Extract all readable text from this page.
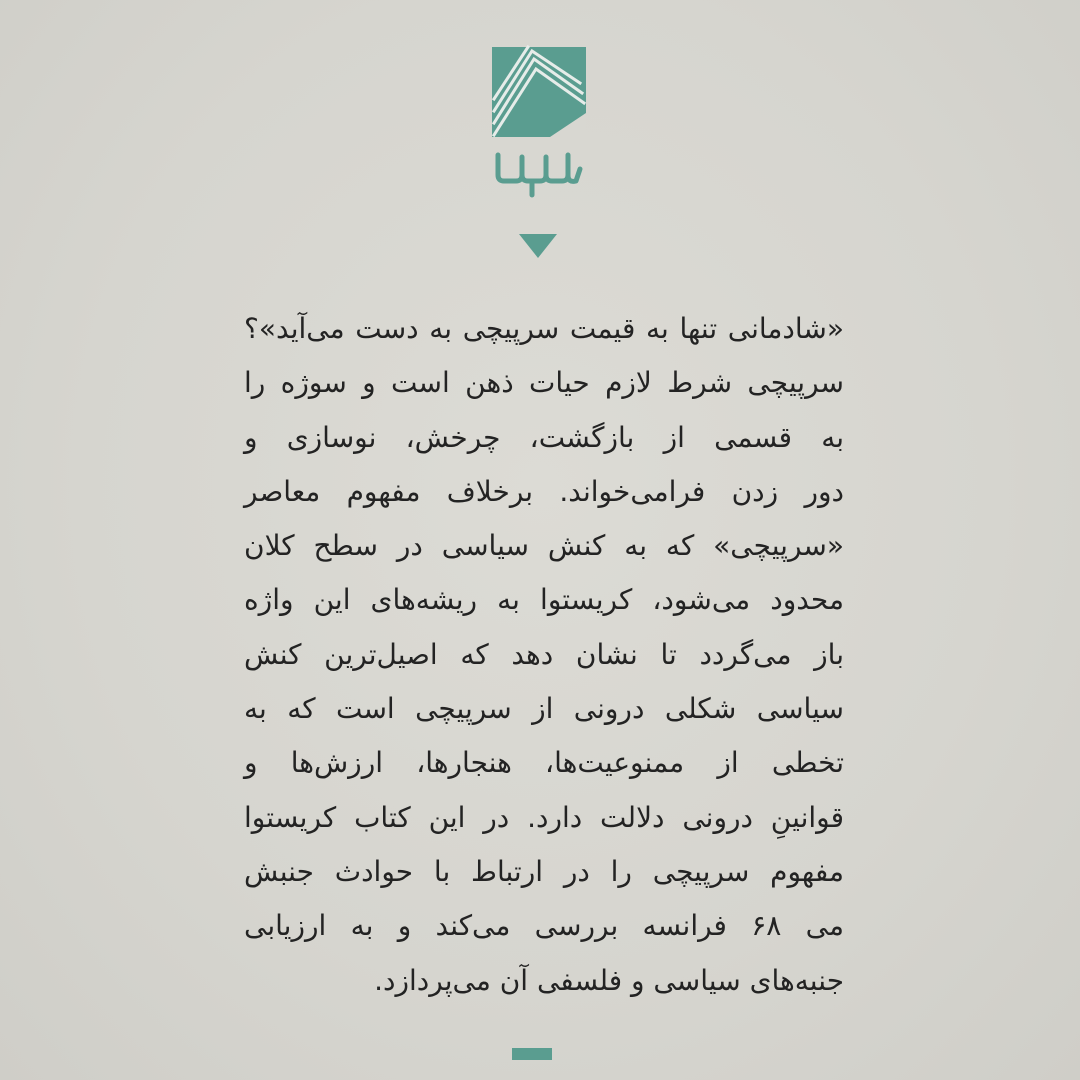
سوژه

«شادمانی تنها به قیمت سرپیچی به دست می‌آید»؟
سرپیچی شرط لازم حیات ذهن است و سوژه را
به قسمی از بازگشت، چرخش، نوسازی و
دور زدن فرامی‌خواند. برخلاف مفهوم معاصر
«سرپیچی» که به کنش سیاسی در سطح کلان
محدود می‌شود، کریستوا به ریشه‌های این واژه
باز می‌گردد تا نشان دهد که اصیل‌ترین کنش
سیاسی شکلی درونی از سرپیچی است که به
تخطی از ممنوعیت‌ها، هنجارها، ارزش‌ها و
قوانینِ درونی دلالت دارد. در این کتاب کریستوا
مفهوم سرپیچی را در ارتباط با حوادث جنبش
می ۶۸ فرانسه بررسی می‌کند و به ارزیابی
جنبه‌های سیاسی و فلسفی آن می‌پردازد.
